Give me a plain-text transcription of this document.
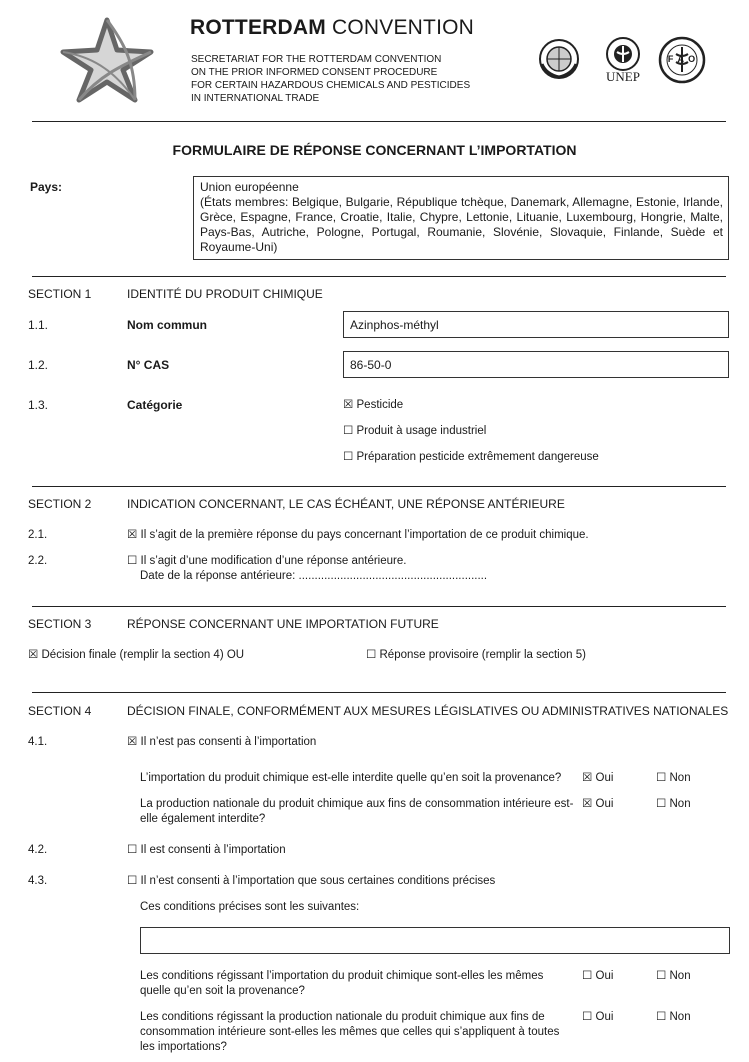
ROTTERDAM CONVENTION
SECRETARIAT FOR THE ROTTERDAM CONVENTION
ON THE PRIOR INFORMED CONSENT PROCEDURE
FOR CERTAIN HAZARDOUS CHEMICALS AND PESTICIDES
IN INTERNATIONAL TRADE
UNEP
F A O
FORMULAIRE DE RÉPONSE CONCERNANT L’IMPORTATION
Pays:	Union européenne
(États membres: Belgique, Bulgarie, République tchèque, Danemark, Allemagne, Estonie, Irlande, Grèce, Espagne, France, Croatie, Italie, Chypre, Lettonie, Lituanie, Luxembourg, Hongrie, Malte, Pays-Bas, Autriche, Pologne, Portugal, Roumanie, Slovénie, Slovaquie, Finlande, Suède et Royaume-Uni)
SECTION 1	IDENTITÉ DU PRODUIT CHIMIQUE
1.1.	Nom commun	Azinphos-méthyl
1.2.	N° CAS	86-50-0
1.3.	Catégorie	☒ Pesticide
☐ Produit à usage industriel
☐ Préparation pesticide extrêmement dangereuse
SECTION 2	INDICATION CONCERNANT, LE CAS ÉCHÉANT, UNE RÉPONSE ANTÉRIEURE
2.1.	☒ Il s’agit de la première réponse du pays concernant l’importation de ce produit chimique.
2.2.	☐ Il s’agit d’une modification d’une réponse antérieure.
Date de la réponse antérieure: ...........................................................
SECTION 3	RÉPONSE CONCERNANT UNE IMPORTATION FUTURE
☒ Décision finale (remplir la section 4) OU	☐ Réponse provisoire (remplir la section 5)
SECTION 4	DÉCISION FINALE, CONFORMÉMENT AUX MESURES LÉGISLATIVES OU ADMINISTRATIVES NATIONALES
4.1.	☒ Il n’est pas consenti à l’importation
L’importation du produit chimique est-elle interdite quelle qu’en soit la provenance? ☒ Oui	☐ Non
La production nationale du produit chimique aux fins de consommation intérieure est-elle également interdite?
☒ Oui	☐ Non
4.2.	☐ Il est consenti à l’importation
4.3.	☐ Il n’est consenti à l’importation que sous certaines conditions précises
Ces conditions précises sont les suivantes:
Les conditions régissant l’importation du produit chimique sont-elles les mêmes quelle qu’en soit la provenance?
☐ Oui	☐ Non
Les conditions régissant la production nationale du produit chimique aux fins de consommation intérieure sont-elles les mêmes que celles qui s’appliquent à toutes les importations?
☐ Oui	☐ Non
